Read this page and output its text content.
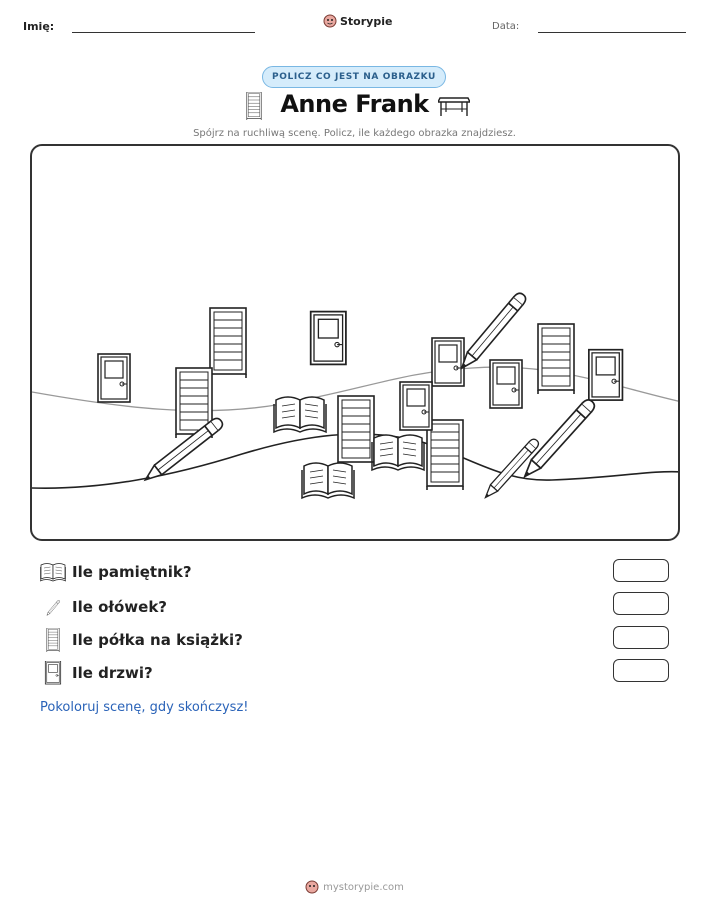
Imię:	Storypie	Data:
POLICZ CO JEST NA OBRAZKU
Anne Frank
Spójrz na ruchliwą scenę. Policz, ile każdego obrazka znajdziesz.
Ile pamiętnik?
Ile ołówek?
Ile półka na książki?
Ile drzwi?
Pokoloruj scenę, gdy skończysz!
mystorypie.com
